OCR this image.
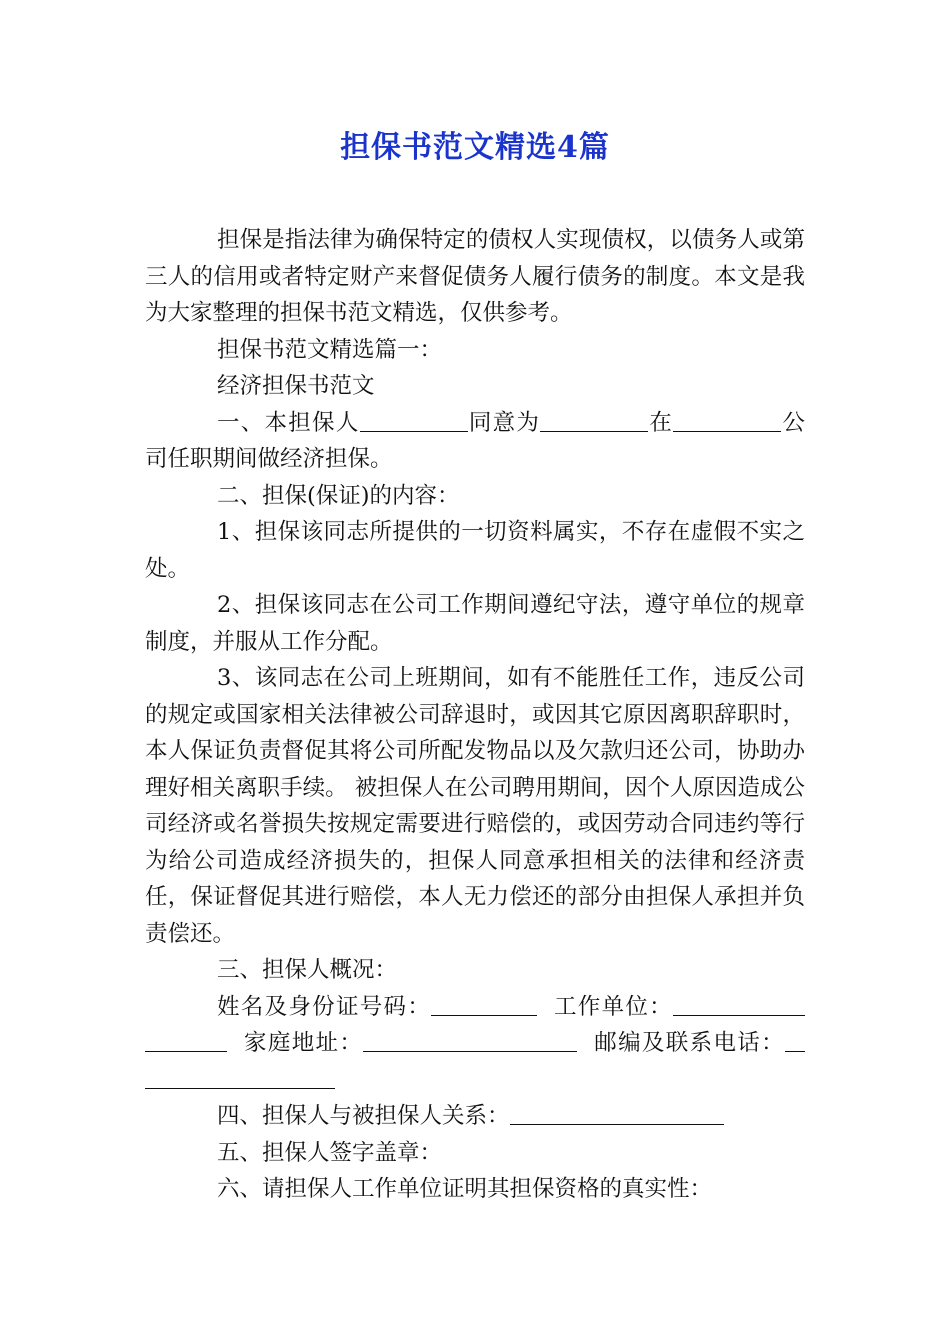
担保书范文精选4篇

担保是指法律为确保特定的债权人实现债权，以债务人或第三人的信用或者特定财产来督促债务人履行债务的制度。本文是我为大家整理的担保书范文精选，仅供参考。

担保书范文精选篇一：

经济担保书范文

一、本担保人	同意为	在	公司任职期间做经济担保。

二、担保(保证)的内容：

1、担保该同志所提供的一切资料属实，不存在虚假不实之处。

2、担保该同志在公司工作期间遵纪守法，遵守单位的规章制度，并服从工作分配。

3、该同志在公司上班期间，如有不能胜任工作，违反公司的规定或国家相关法律被公司辞退时，或因其它原因离职辞职时，本人保证负责督促其将公司所配发物品以及欠款归还公司，协助办理好相关离职手续。 被担保人在公司聘用期间，因个人原因造成公司经济或名誉损失按规定需要进行赔偿的，或因劳动合同违约等行为给公司造成经济损失的，担保人同意承担相关的法律和经济责任，保证督促其进行赔偿，本人无力偿还的部分由担保人承担并负责偿还。

三、担保人概况：

姓名及身份证号码：	工作单位：  家庭地址：	邮编及联系电话：

四、担保人与被担保人关系：

五、担保人签字盖章：

六、请担保人工作单位证明其担保资格的真实性：
